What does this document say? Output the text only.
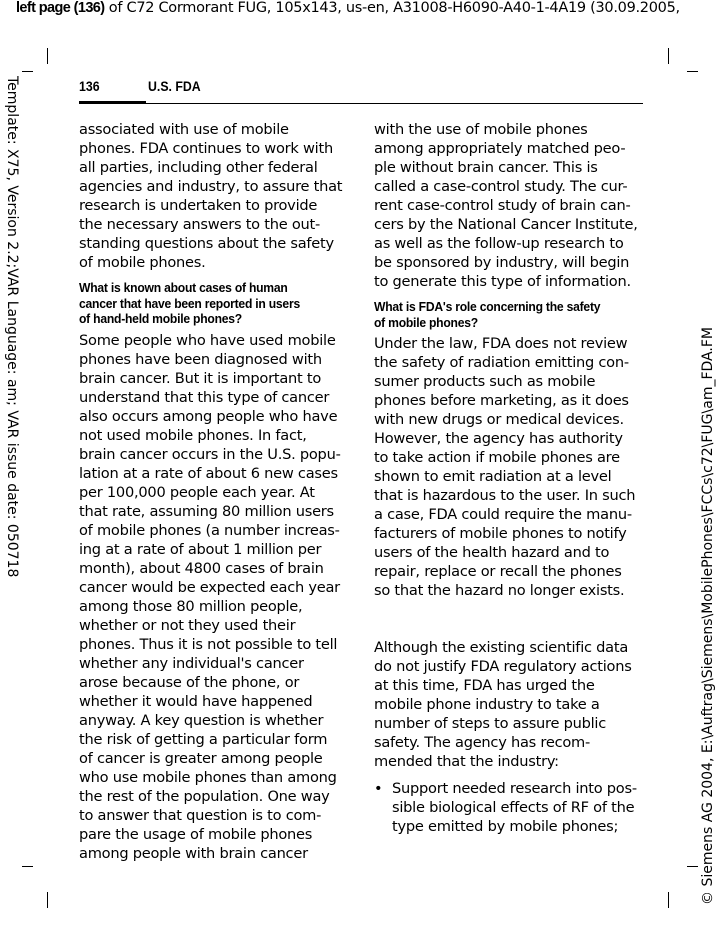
left page (136) of C72 Cormorant FUG, 105x143, us-en, A31008-H6090-A40-1-4A19 (30.09.2005,
Template: X75, Version 2.2;VAR Language: am; VAR issue date: 050718
© Siemens AG 2004, E:\Auftrag\Siemens\MobilePhones\FCCs\c72\FUG\am_FDA.FM
136	U.S. FDA

associated with use of mobile
phones. FDA continues to work with
all parties, including other federal
agencies and industry, to assure that
research is undertaken to provide
the necessary answers to the out-
standing questions about the safety
of mobile phones.

What is known about cases of human
cancer that have been reported in users
of hand-held mobile phones?

Some people who have used mobile
phones have been diagnosed with
brain cancer. But it is important to
understand that this type of cancer
also occurs among people who have
not used mobile phones. In fact,
brain cancer occurs in the U.S. popu-
lation at a rate of about 6 new cases
per 100,000 people each year. At
that rate, assuming 80 million users
of mobile phones (a number increas-
ing at a rate of about 1 million per
month), about 4800 cases of brain
cancer would be expected each year
among those 80 million people,
whether or not they used their
phones. Thus it is not possible to tell
whether any individual's cancer
arose because of the phone, or
whether it would have happened
anyway. A key question is whether
the risk of getting a particular form
of cancer is greater among people
who use mobile phones than among
the rest of the population. One way
to answer that question is to com-
pare the usage of mobile phones
among people with brain cancer

with the use of mobile phones
among appropriately matched peo-
ple without brain cancer. This is
called a case-control study. The cur-
rent case-control study of brain can-
cers by the National Cancer Institute,
as well as the follow-up research to
be sponsored by industry, will begin
to generate this type of information.

What is FDA's role concerning the safety
of mobile phones?

Under the law, FDA does not review
the safety of radiation emitting con-
sumer products such as mobile
phones before marketing, as it does
with new drugs or medical devices.
However, the agency has authority
to take action if mobile phones are
shown to emit radiation at a level
that is hazardous to the user. In such
a case, FDA could require the manu-
facturers of mobile phones to notify
users of the health hazard and to
repair, replace or recall the phones
so that the hazard no longer exists.

Although the existing scientific data
do not justify FDA regulatory actions
at this time, FDA has urged the
mobile phone industry to take a
number of steps to assure public
safety. The agency has recom-
mended that the industry:

• Support needed research into pos-
sible biological effects of RF of the
type emitted by mobile phones;
